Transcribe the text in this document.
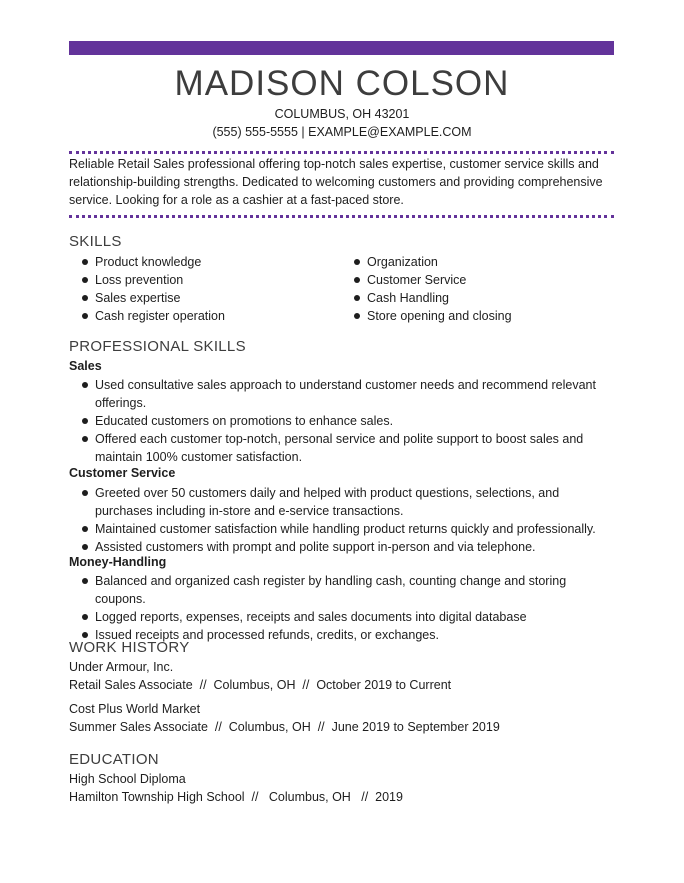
MADISON COLSON
COLUMBUS, OH 43201
(555) 555-5555 | EXAMPLE@EXAMPLE.COM
Reliable Retail Sales professional offering top-notch sales expertise, customer service skills and relationship-building strengths. Dedicated to welcoming customers and providing comprehensive service. Looking for a role as a cashier at a fast-paced store.
SKILLS
Product knowledge
Loss prevention
Sales expertise
Cash register operation
Organization
Customer Service
Cash Handling
Store opening and closing
PROFESSIONAL SKILLS
Sales
Used consultative sales approach to understand customer needs and recommend relevant offerings.
Educated customers on promotions to enhance sales.
Offered each customer top-notch, personal service and polite support to boost sales and maintain 100% customer satisfaction.
Customer Service
Greeted over 50 customers daily and helped with product questions, selections, and purchases including in-store and e-service transactions.
Maintained customer satisfaction while handling product returns quickly and professionally.
Assisted customers with prompt and polite support in-person and via telephone.
Money-Handling
Balanced and organized cash register by handling cash, counting change and storing coupons.
Logged reports, expenses, receipts and sales documents into digital database
Issued receipts and processed refunds, credits, or exchanges.
WORK HISTORY
Under Armour, Inc.
Retail Sales Associate  //  Columbus, OH  //  October 2019 to Current
Cost Plus World Market
Summer Sales Associate  //  Columbus, OH  //  June 2019 to September 2019
EDUCATION
High School Diploma
Hamilton Township High School  //   Columbus, OH   //  2019
